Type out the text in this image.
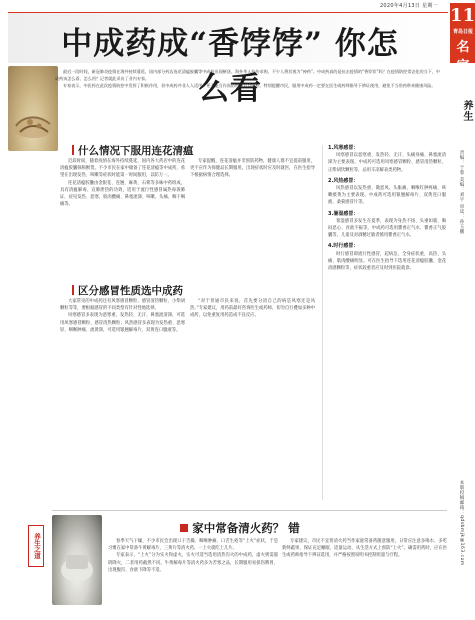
2020年4月13日 星期一
中成药成“香饽饽” 你怎么看

最近一段时间，新冠肺炎疫情在海外持续蔓延，国内部分药店连花清瘟胶囊等中成药出现断货。海外华人纷纷求购，不少人将其视为“神药”。中成药真的是抗击疫情的“香饽饽”吗？在疫情防控常态化的当下，中成药该怎么看、怎么用？记者就此采访了业内专家。

专家表示，中医药在此次疫情防控中发挥了积极作用，但中成药并非人人适用，更不能当作预防用药盲目囤积。特别提醒市民，服用中成药一定要在医生或药师指导下辨证使用，避免不当用药带来健康风险。

什么情况下服用连花清瘟

近段时间，随着疫情在海外持续蔓延，国内各大药店中的连花清瘟胶囊频频断货。不少市民在家中储备了连花清瘟等中成药，希望在出现发热、咳嗽等症状时能第一时间服用，以防万一。

连花清瘟胶囊由金银花、连翘、麻黄、石膏等多味中药组成，具有清瘟解毒、宣肺泄热的功效，适用于流行性感冒属热毒袭肺证，症见发热、恶寒、肌肉酸痛、鼻塞流涕、咳嗽、头痛、咽干咽痛等。

专家提醒，连花清瘟并非预防药物，健康人群不宜提前服用，更不应作为保健品长期服用。出现症状时应及时就医，在医生指导下根据病情合理选择。

区分感冒性质选中成药

大家常见的中成药还有风寒感冒颗粒、感冒清热颗粒、小柴胡颗粒等等，要根据感冒的不同类型有针对性地选择。

风寒感冒多表现为恶寒重、发热轻、无汗、鼻塞流清涕，可选用风寒感冒颗粒、感冒清热颗粒；风热感冒多表现为发热重、恶寒轻、咽喉肿痛、流黄涕，可选用银翘解毒片、双黄连口服液等。

“对于普通市民来说，首先要分清自己的病是风寒还是风热。”专家建议，用药前最好咨询医生或药师，切勿自行叠加多种中成药，以免重复用药造成不良反应。

1.风寒感冒：
风寒感冒以恶寒重、发热轻、无汗、头痛身痛、鼻塞流清涕为主要表现。中成药可选用风寒感冒颗粒、感冒清热颗粒、正柴胡饮颗粒等，忌用辛凉解表类药物。
2.风热感冒：
风热感冒以发热重、微恶风、头胀痛、咽喉红肿疼痛、咳嗽痰黄为主要表现。中成药可选用银翘解毒片、双黄连口服液、桑菊感冒片等。
3.暑湿感冒：
暑湿感冒多发生在夏季，表现为身热不扬、头重如裹、胸闷恶心、食欲不振等。中成药可选用藿香正气水、藿香正气胶囊等，儿童及对酒精过敏者慎用藿香正气水。
4.时行感冒：
时行感冒即流行性感冒，起病急、全身症状重，高热、头痛、肌肉酸痛明显。可在医生指导下选用连花清瘟胶囊、金花清感颗粒等，症状较重者应及时到医院就诊。
养生之道
家中常备清火药？ 错

春季天气干燥，不少市民会出现口干舌燥、咽喉肿痛、口舌生疮等“上火”症状，于是习惯在家中常备牛黄解毒片、三黄片等清火药，一上火就吃上几片。

专家表示，“上火”分为实火和虚火，实火可适当选用清热泻火的中成药，虚火则需滋阴降火，二者用药截然不同。牛黄解毒片等清火药多为苦寒之品，长期服用易损伤脾胃，出现腹泻、食欲下降等不适。

专家建议，市民不宜将清火药当作家庭常备药随意服用，日常应注意多喝水、多吃新鲜蔬果、保证充足睡眠、适量运动，从生活方式上预防“上火”。确需用药时，应在医生或药师指导下辨证选用，并严格按照说明书控制用量与疗程。

11
青岛日报
名家
养生
责编：于蓉 美编：刘宇 审读：孙玉鹏
本版投稿邮箱：qdsbmjk@163.com
